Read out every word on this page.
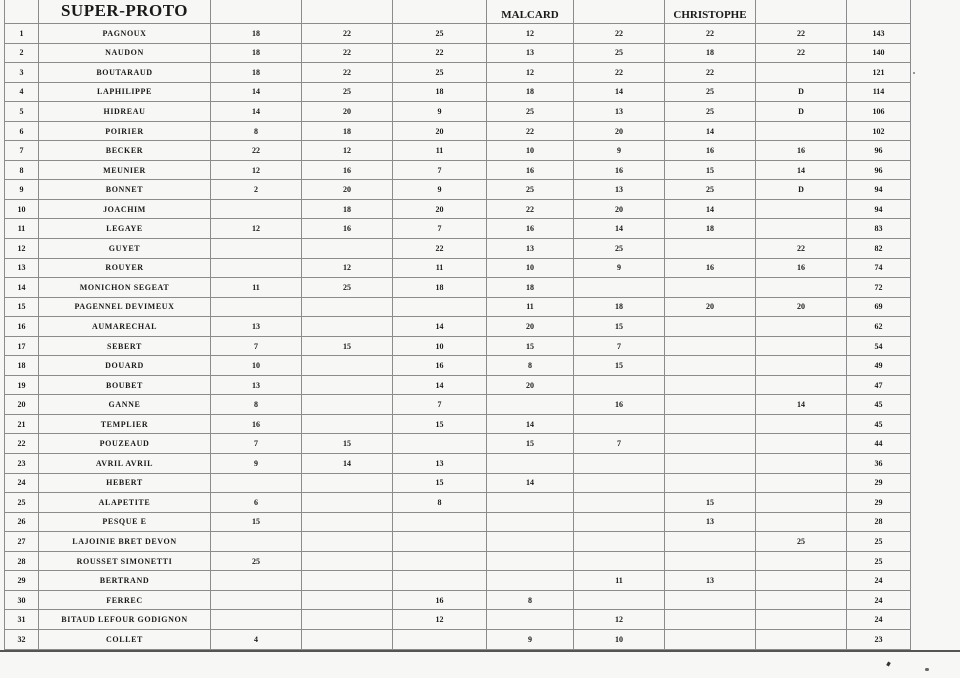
	SUPER-PROTO				MALCARD		CHRISTOPHE		
1	PAGNOUX	18	22	25	12	22	22	22	143
2	NAUDON	18	22	22	13	25	18	22	140
3	BOUTARAUD	18	22	25	12	22	22		121
4	LAPHILIPPE	14	25	18	18	14	25	D	114
5	HIDREAU	14	20	9	25	13	25	D	106
6	POIRIER	8	18	20	22	20	14		102
7	BECKER	22	12	11	10	9	16	16	96
8	MEUNIER	12	16	7	16	16	15	14	96
9	BONNET	2	20	9	25	13	25	D	94
10	JOACHIM		18	20	22	20	14		94
11	LEGAYE	12	16	7	16	14	18		83
12	GUYET			22	13	25		22	82
13	ROUYER		12	11	10	9	16	16	74
14	MONICHON SEGEAT	11	25	18	18				72
15	PAGENNEL DEVIMEUX				11	18	20	20	69
16	AUMARECHAL	13		14	20	15			62
17	SEBERT	7	15	10	15	7			54
18	DOUARD	10		16	8	15			49
19	BOUBET	13		14	20				47
20	GANNE	8		7		16		14	45
21	TEMPLIER	16		15	14				45
22	POUZEAUD	7	15		15	7			44
23	AVRIL AVRIL	9	14	13					36
24	HEBERT			15	14				29
25	ALAPETITE	6		8			15		29
26	PESQUE E	15					13		28
27	LAJOINIE BRET DEVON							25	25
28	ROUSSET SIMONETTI	25							25
29	BERTRAND					11	13		24
30	FERREC			16	8				24
31	BITAUD LEFOUR GODIGNON			12		12			24
32	COLLET	4			9	10			23
